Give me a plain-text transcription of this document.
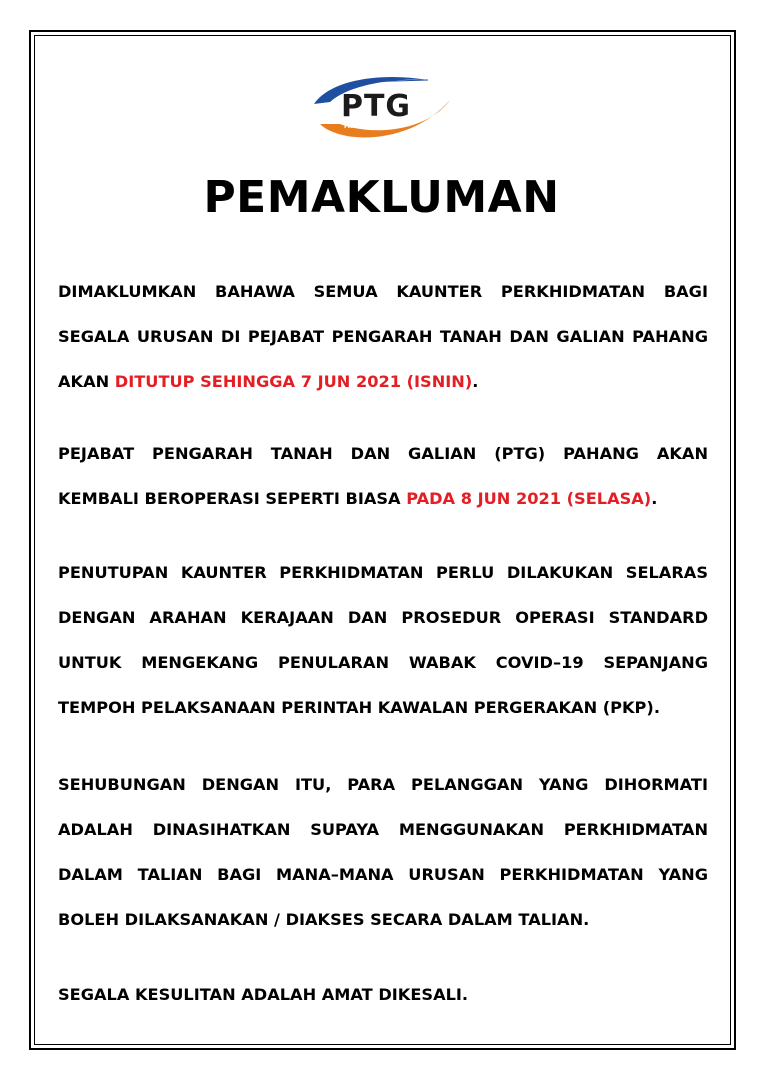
PTG
PAHANG
PEMAKLUMAN

DIMAKLUMKAN BAHAWA SEMUA KAUNTER PERKHIDMATAN BAGI SEGALA URUSAN DI PEJABAT PENGARAH TANAH DAN GALIAN PAHANG AKAN DITUTUP SEHINGGA 7 JUN 2021 (ISNIN).

PEJABAT PENGARAH TANAH DAN GALIAN (PTG) PAHANG AKAN KEMBALI BEROPERASI SEPERTI BIASA PADA 8 JUN 2021 (SELASA).

PENUTUPAN KAUNTER PERKHIDMATAN PERLU DILAKUKAN SELARAS DENGAN ARAHAN KERAJAAN DAN PROSEDUR OPERASI STANDARD UNTUK MENGEKANG PENULARAN WABAK COVID–19 SEPANJANG TEMPOH PELAKSANAAN PERINTAH KAWALAN PERGERAKAN (PKP).

SEHUBUNGAN DENGAN ITU, PARA PELANGGAN YANG DIHORMATI ADALAH DINASIHATKAN SUPAYA MENGGUNAKAN PERKHIDMATAN DALAM TALIAN BAGI MANA–MANA URUSAN PERKHIDMATAN YANG BOLEH DILAKSANAKAN / DIAKSES SECARA DALAM TALIAN.

SEGALA KESULITAN ADALAH AMAT DIKESALI.
